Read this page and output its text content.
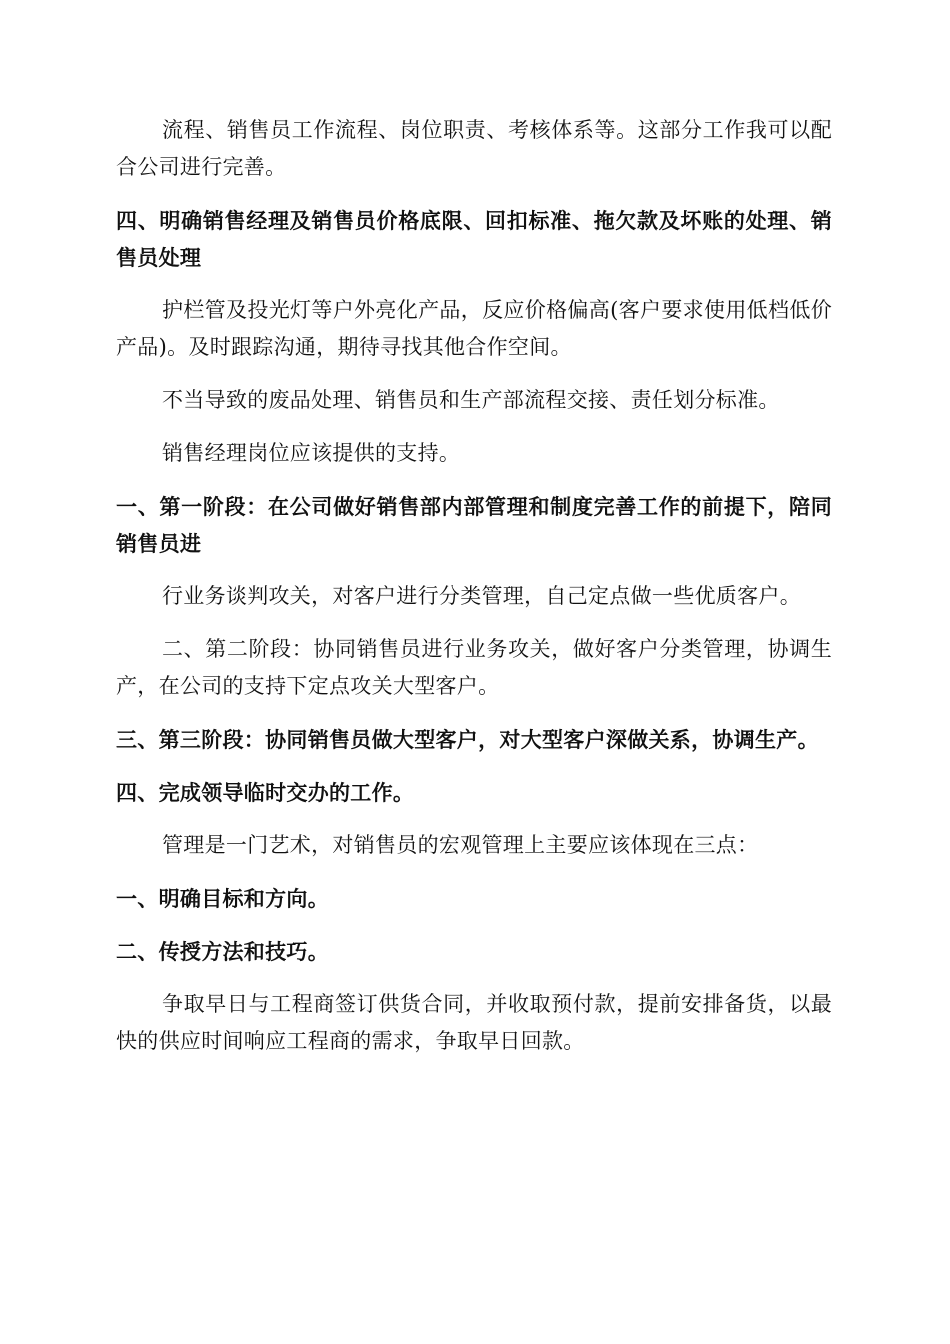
流程、销售员工作流程、岗位职责、考核体系等。这部分工作我可以配合公司进行完善。

四、明确销售经理及销售员价格底限、回扣标准、拖欠款及坏账的处理、销售员处理

护栏管及投光灯等户外亮化产品，反应价格偏高(客户要求使用低档低价产品)。及时跟踪沟通，期待寻找其他合作空间。

不当导致的废品处理、销售员和生产部流程交接、责任划分标准。

销售经理岗位应该提供的支持。

一、第一阶段：在公司做好销售部内部管理和制度完善工作的前提下，陪同销售员进

行业务谈判攻关，对客户进行分类管理，自己定点做一些优质客户。

二、第二阶段：协同销售员进行业务攻关，做好客户分类管理，协调生产，在公司的支持下定点攻关大型客户。

三、第三阶段：协同销售员做大型客户，对大型客户深做关系，协调生产。

四、完成领导临时交办的工作。

管理是一门艺术，对销售员的宏观管理上主要应该体现在三点：

一、明确目标和方向。

二、传授方法和技巧。

争取早日与工程商签订供货合同，并收取预付款，提前安排备货，以最快的供应时间响应工程商的需求，争取早日回款。
